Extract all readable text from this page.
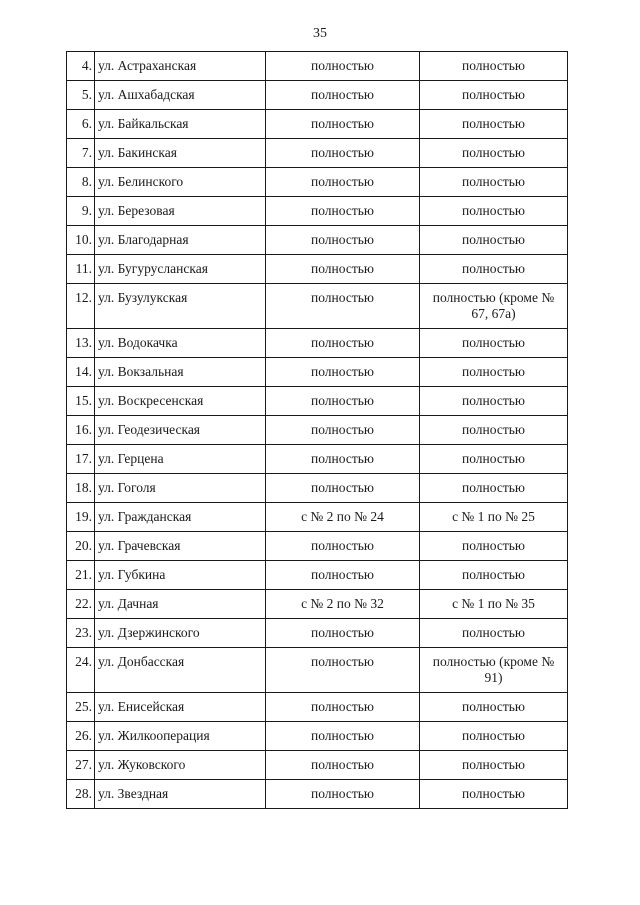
35
4.	ул. Астраханская	полностью	полностью
5.	ул. Ашхабадская	полностью	полностью
6.	ул. Байкальская	полностью	полностью
7.	ул. Бакинская	полностью	полностью
8.	ул. Белинского	полностью	полностью
9.	ул. Березовая	полностью	полностью
10.	ул. Благодарная	полностью	полностью
11.	ул. Бугурусланская	полностью	полностью
12.	ул. Бузулукская	полностью	полностью (кроме № 67, 67а)
13.	ул. Водокачка	полностью	полностью
14.	ул. Вокзальная	полностью	полностью
15.	ул. Воскресенская	полностью	полностью
16.	ул. Геодезическая	полностью	полностью
17.	ул. Герцена	полностью	полностью
18.	ул. Гоголя	полностью	полностью
19.	ул. Гражданская	с № 2 по № 24	с № 1 по № 25
20.	ул. Грачевская	полностью	полностью
21.	ул. Губкина	полностью	полностью
22.	ул. Дачная	с № 2 по № 32	с № 1 по № 35
23.	ул. Дзержинского	полностью	полностью
24.	ул. Донбасская	полностью	полностью (кроме № 91)
25.	ул. Енисейская	полностью	полностью
26.	ул. Жилкооперация	полностью	полностью
27.	ул. Жуковского	полностью	полностью
28.	ул. Звездная	полностью	полностью
